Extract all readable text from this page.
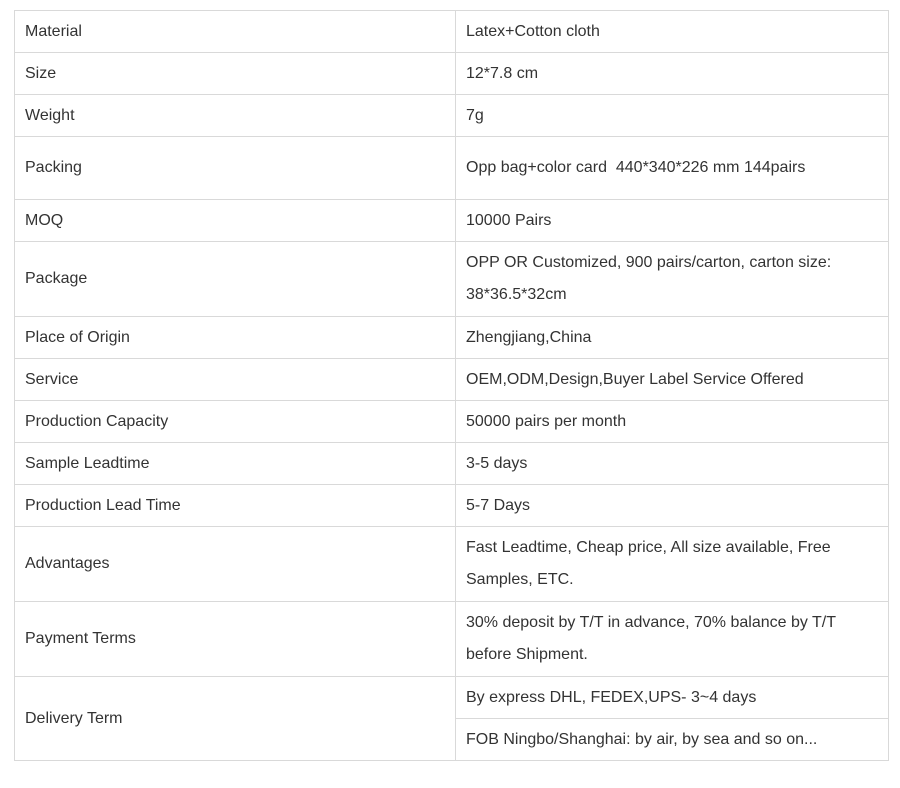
Material	Latex+Cotton cloth
Size	12*7.8 cm
Weight	7g
Packing	Opp bag+color card  440*340*226 mm 144pairs
MOQ	10000 Pairs
Package	OPP OR Customized, 900 pairs/carton, carton size: 38*36.5*32cm

Place of Origin	Zhengjiang,China
Service	OEM,ODM,Design,Buyer Label Service Offered
Production Capacity	50000 pairs per month
Sample Leadtime	3-5 days
Production Lead Time	5-7 Days
Advantages	Fast Leadtime, Cheap price, All size available, Free Samples, ETC.

Payment Terms	30% deposit by T/T in advance, 70% balance by T/T before Shipment.

Delivery Term	By express DHL, FEDEX,UPS- 3~4 days
	FOB Ningbo/Shanghai: by air, by sea and so on...
